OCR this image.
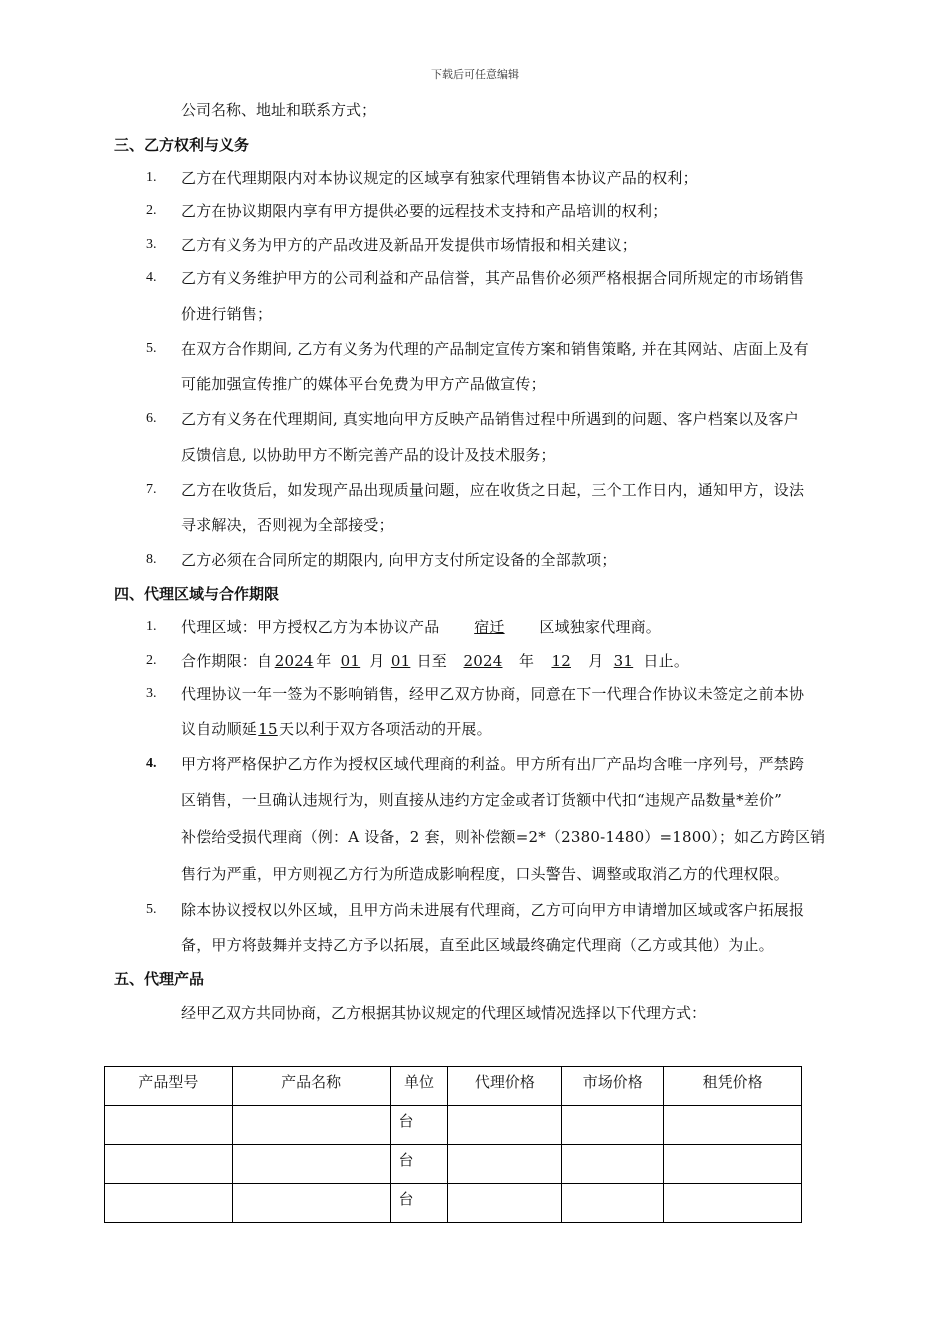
下载后可任意编辑
公司名称、地址和联系方式；
三、乙方权利与义务
1. 乙方在代理期限内对本协议规定的区域享有独家代理销售本协议产品的权利；
2. 乙方在协议期限内享有甲方提供必要的远程技术支持和产品培训的权利；
3. 乙方有义务为甲方的产品改进及新品开发提供市场情报和相关建议；
4. 乙方有义务维护甲方的公司利益和产品信誉，其产品售价必须严格根据合同所规定的市场销售
价进行销售；
5. 在双方合作期间, 乙方有义务为代理的产品制定宣传方案和销售策略, 并在其网站、店面上及有
可能加强宣传推广的媒体平台免费为甲方产品做宣传；
6. 乙方有义务在代理期间, 真实地向甲方反映产品销售过程中所遇到的问题、客户档案以及客户
反馈信息, 以协助甲方不断完善产品的设计及技术服务；
7. 乙方在收货后，如发现产品出现质量问题，应在收货之日起，三个工作日内，通知甲方，设法
寻求解决，否则视为全部接受；
8. 乙方必须在合同所定的期限内, 向甲方支付所定设备的全部款项；
四、代理区域与合作期限
1. 代理区域：甲方授权乙方为本协议产品 宿迁 区域独家代理商。
2. 合作期限：自 2024 年 01 月 01 日至 2024 年 12 月 31 日止。
3. 代理协议一年一签为不影响销售，经甲乙双方协商，同意在下一代理合作协议未签定之前本协
议自动顺延15天以利于双方各项活动的开展。
4. 甲方将严格保护乙方作为授权区域代理商的利益。甲方所有出厂产品均含唯一序列号，严禁跨
区销售，一旦确认违规行为，则直接从违约方定金或者订货额中代扣“违规产品数量*差价”
补偿给受损代理商（例：A 设备，2 套，则补偿额=2*（2380-1480）=1800）；如乙方跨区销
售行为严重，甲方则视乙方行为所造成影响程度，口头警告、调整或取消乙方的代理权限。
5. 除本协议授权以外区域，且甲方尚未进展有代理商，乙方可向甲方申请增加区域或客户拓展报
备，甲方将鼓舞并支持乙方予以拓展，直至此区域最终确定代理商（乙方或其他）为止。
五、代理产品
经甲乙双方共同协商，乙方根据其协议规定的代理区域情况选择以下代理方式：
产品型号	产品名称	单位	代理价格	市场价格	租凭价格
		台			
		台			
		台			
